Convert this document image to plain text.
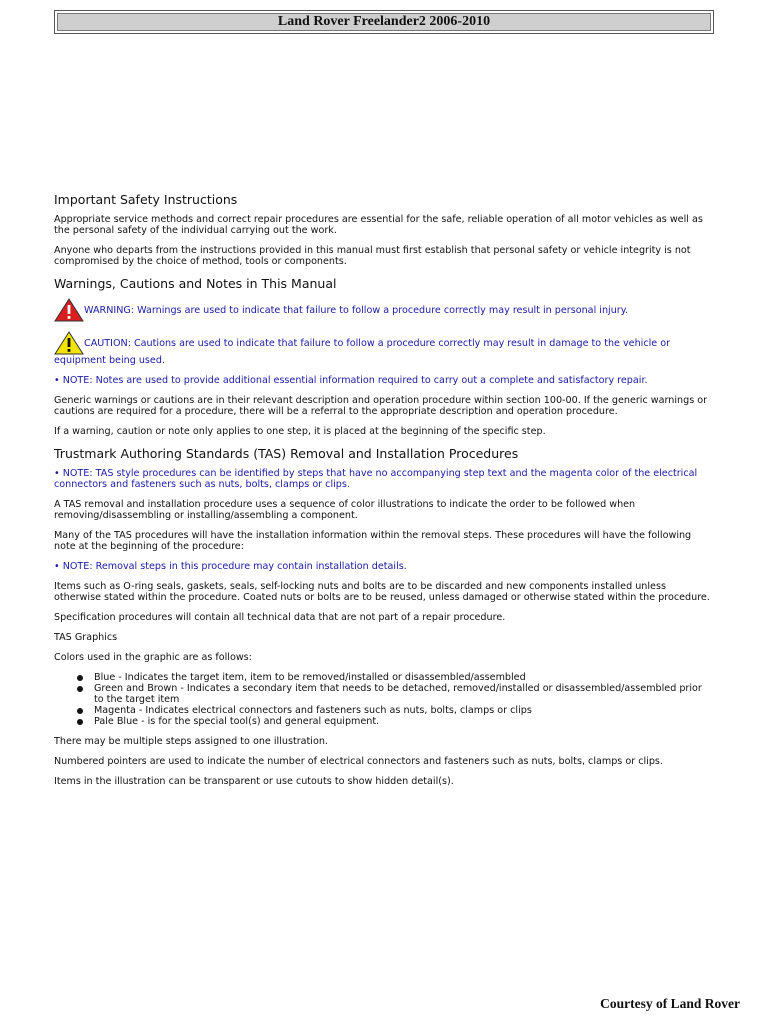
Land Rover Freelander2 2006-2010
Important Safety Instructions

Appropriate service methods and correct repair procedures are essential for the safe, reliable operation of all motor vehicles as well as the personal safety of the individual carrying out the work.

Anyone who departs from the instructions provided in this manual must first establish that personal safety or vehicle integrity is not compromised by the choice of method, tools or components.

Warnings, Cautions and Notes in This Manual
WARNING: Warnings are used to indicate that failure to follow a procedure correctly may result in personal injury.
CAUTION: Cautions are used to indicate that failure to follow a procedure correctly may result in damage to the vehicle or equipment being used.

• NOTE: Notes are used to provide additional essential information required to carry out a complete and satisfactory repair.

Generic warnings or cautions are in their relevant description and operation procedure within section 100-00. If the generic warnings or cautions are required for a procedure, there will be a referral to the appropriate description and operation procedure.

If a warning, caution or note only applies to one step, it is placed at the beginning of the specific step.

Trustmark Authoring Standards (TAS) Removal and Installation Procedures

• NOTE: TAS style procedures can be identified by steps that have no accompanying step text and the magenta color of the electrical connectors and fasteners such as nuts, bolts, clamps or clips.

A TAS removal and installation procedure uses a sequence of color illustrations to indicate the order to be followed when removing/disassembling or installing/assembling a component.

Many of the TAS procedures will have the installation information within the removal steps. These procedures will have the following note at the beginning of the procedure:

• NOTE: Removal steps in this procedure may contain installation details.

Items such as O-ring seals, gaskets, seals, self-locking nuts and bolts are to be discarded and new components installed unless otherwise stated within the procedure. Coated nuts or bolts are to be reused, unless damaged or otherwise stated within the procedure.

Specification procedures will contain all technical data that are not part of a repair procedure.

TAS Graphics

Colors used in the graphic are as follows:

Blue - Indicates the target item, item to be removed/installed or disassembled/assembled
Green and Brown - Indicates a secondary item that needs to be detached, removed/installed or disassembled/assembled prior to the target item
Magenta - Indicates electrical connectors and fasteners such as nuts, bolts, clamps or clips
Pale Blue - is for the special tool(s) and general equipment.

There may be multiple steps assigned to one illustration.

Numbered pointers are used to indicate the number of electrical connectors and fasteners such as nuts, bolts, clamps or clips.

Items in the illustration can be transparent or use cutouts to show hidden detail(s).

Courtesy of Land Rover
